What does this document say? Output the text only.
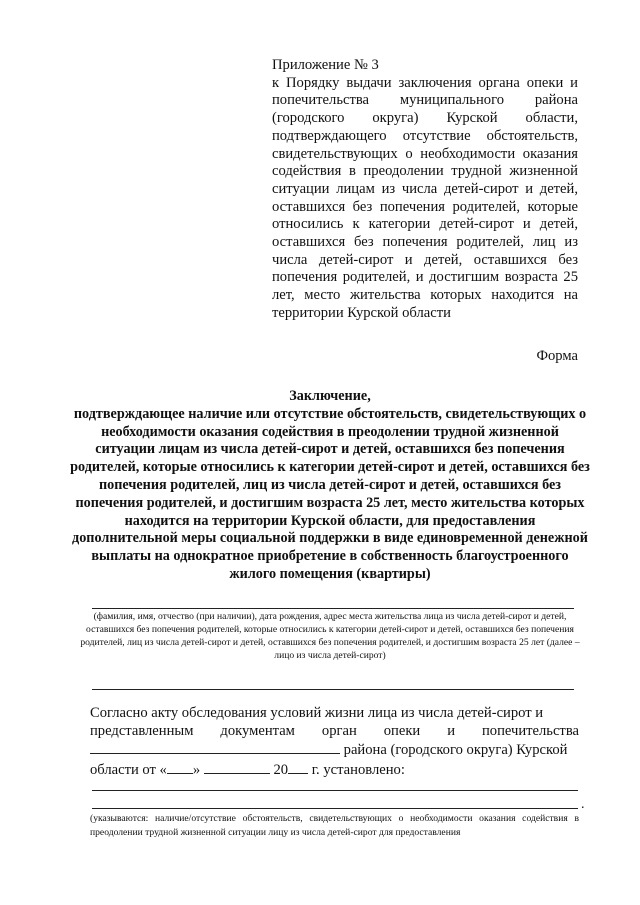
Приложение № 3
к Порядку выдачи заключения органа опеки и попечительства муниципального района (городского округа) Курской области, подтверждающего отсутствие обстоятельств, свидетельствующих о необходимости оказания содействия в преодолении трудной жизненной ситуации лицам из числа детей-сирот и детей, оставшихся без попечения родителей, которые относились к категории детей-сирот и детей, оставшихся без попечения родителей, лиц из числа детей-сирот и детей, оставшихся без попечения родителей, и достигшим возраста 25 лет, место жительства которых находится на территории Курской области
Форма
Заключение,
подтверждающее наличие или отсутствие обстоятельств, свидетельствующих о необходимости оказания содействия в преодолении трудной жизненной ситуации лицам из числа детей-сирот и детей, оставшихся без попечения родителей, которые относились к категории детей-сирот и детей, оставшихся без попечения родителей, лиц из числа детей-сирот и детей, оставшихся без попечения родителей, и достигшим возраста 25 лет, место жительства которых находится на территории Курской области, для предоставления дополнительной меры социальной поддержки в виде единовременной денежной выплаты на однократное приобретение в собственность благоустроенного жилого помещения (квартиры)
(фамилия, имя, отчество (при наличии), дата рождения, адрес места жительства лица из числа детей-сирот и детей, оставшихся без попечения родителей, которые относились к категории детей-сирот и детей, оставшихся без попечения родителей, лиц из числа детей-сирот и детей, оставшихся без попечения родителей, и достигшим возраста 25 лет (далее – лицо из числа детей-сирот)
Согласно акту обследования условий жизни лица из числа детей-сирот и
представленным документам орган опеки и попечительства
района (городского округа) Курской
области от « »	20 г. установлено:
.
(указываются: наличие/отсутствие обстоятельств, свидетельствующих о необходимости оказания содействия в преодолении трудной жизненной ситуации лицу из числа детей-сирот для предоставления
